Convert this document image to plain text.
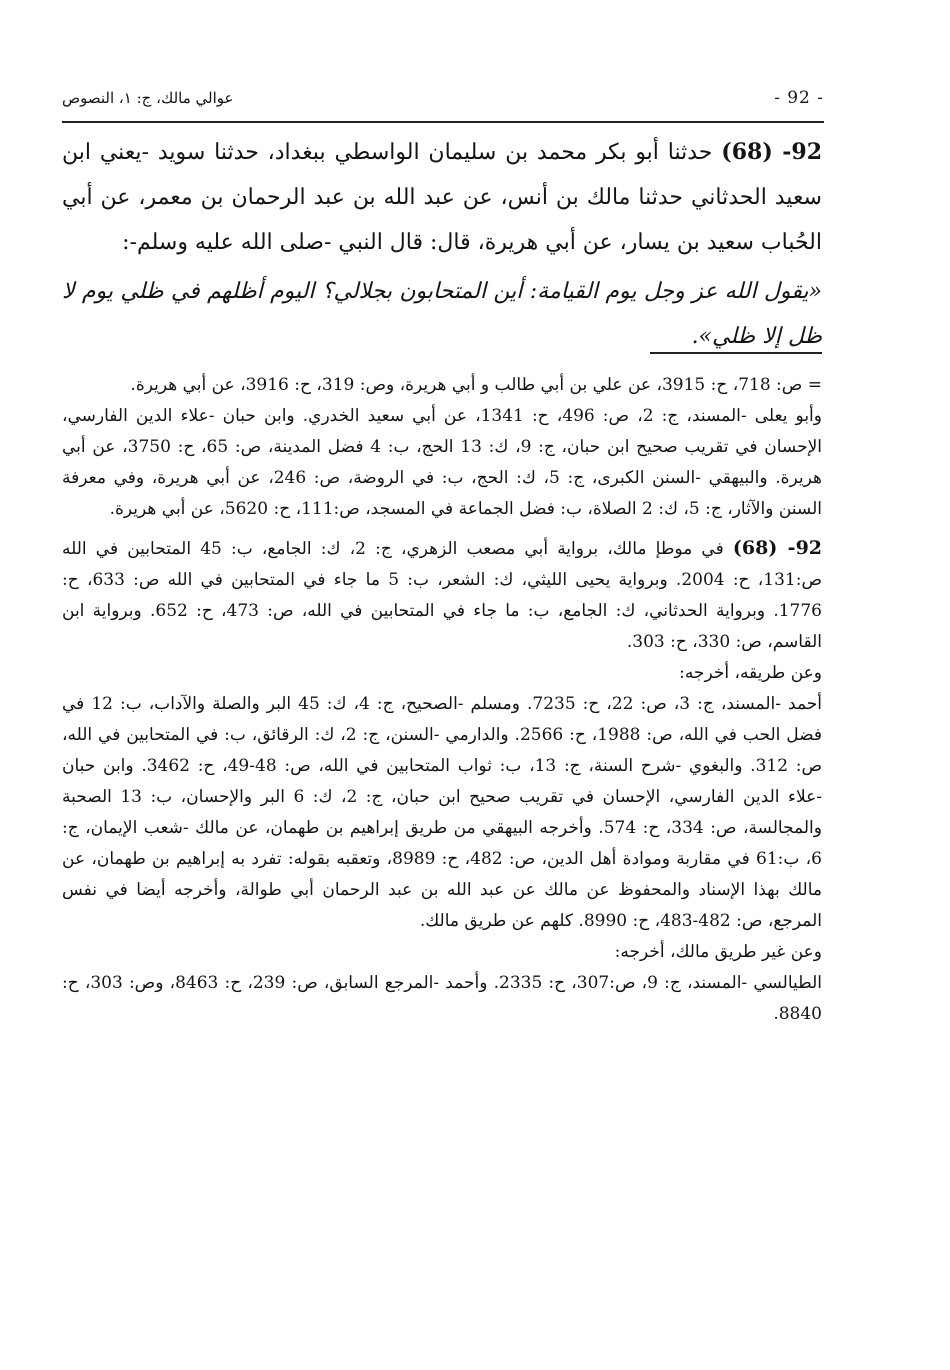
عوالي مالك، ج: ١، النصوص	- 92 -

92- (68) حدثنا أبو بكر محمد بن سليمان الواسطي ببغداد، حدثنا سويد -يعني ابن سعيد الحدثاني حدثنا مالك بن أنس، عن عبد الله بن عبد الرحمان بن معمر، عن أبي الحُباب سعيد بن يسار، عن أبي هريرة، قال: قال النبي -صلى الله عليه وسلم-:

«يقول الله عز وجل يوم القيامة: أين المتحابون بجلالي؟ اليوم أظلهم في ظلي يوم لا ظل إلا ظلي».

= ص: 718، ح: 3915، عن علي بن أبي طالب و أبي هريرة، وص: 319، ح: 3916، عن أبي هريرة.

وأبو يعلى -المسند، ج: 2، ص: 496، ح: 1341، عن أبي سعيد الخدري. وابن حبان -علاء الدين الفارسي، الإحسان في تقريب صحيح ابن حبان، ج: 9، ك: 13 الحج، ب: 4 فضل المدينة، ص: 65، ح: 3750، عن أبي هريرة. والبيهقي -السنن الكبرى، ج: 5، ك: الحج، ب: في الروضة، ص: 246، عن أبي هريرة، وفي معرفة السنن والآثار، ج: 5، ك: 2 الصلاة، ب: فضل الجماعة في المسجد، ص:111، ح: 5620، عن أبي هريرة.

92- (68) في موطإ مالك، برواية أبي مصعب الزهري، ج: 2، ك: الجامع، ب: 45 المتحابين في الله ص:131، ح: 2004. وبرواية يحيى الليثي، ك: الشعر، ب: 5 ما جاء في المتحابين في الله ص: 633، ح: 1776. وبرواية الحدثاني، ك: الجامع، ب: ما جاء في المتحابين في الله، ص: 473، ح: 652. وبرواية ابن القاسم، ص: 330، ح: 303.

وعن طريقه، أخرجه:

أحمد -المسند، ج: 3، ص: 22، ح: 7235. ومسلم -الصحيح، ج: 4، ك: 45 البر والصلة والآداب، ب: 12 في فضل الحب في الله، ص: 1988، ح: 2566. والدارمي -السنن، ج: 2، ك: الرقائق، ب: في المتحابين في الله، ص: 312. والبغوي -شرح السنة، ج: 13، ب: ثواب المتحابين في الله، ص: 48-49، ح: 3462. وابن حبان -علاء الدين الفارسي، الإحسان في تقريب صحيح ابن حبان، ج: 2، ك: 6 البر والإحسان، ب: 13 الصحبة والمجالسة، ص: 334، ح: 574. وأخرجه البيهقي من طريق إبراهيم بن طهمان، عن مالك -شعب الإيمان، ج: 6، ب:61 في مقاربة وموادة أهل الدين، ص: 482، ح: 8989، وتعقبه بقوله: تفرد به إبراهيم بن طهمان، عن مالك بهذا الإسناد والمحفوظ عن مالك عن عبد الله بن عبد الرحمان أبي طوالة، وأخرجه أيضا في نفس المرجع، ص: 482-483، ح: 8990. كلهم عن طريق مالك.

وعن غير طريق مالك، أخرجه:

الطيالسي -المسند، ج: 9، ص:307، ح: 2335. وأحمد -المرجع السابق، ص: 239، ح: 8463، وص: 303، ح: 8840.
